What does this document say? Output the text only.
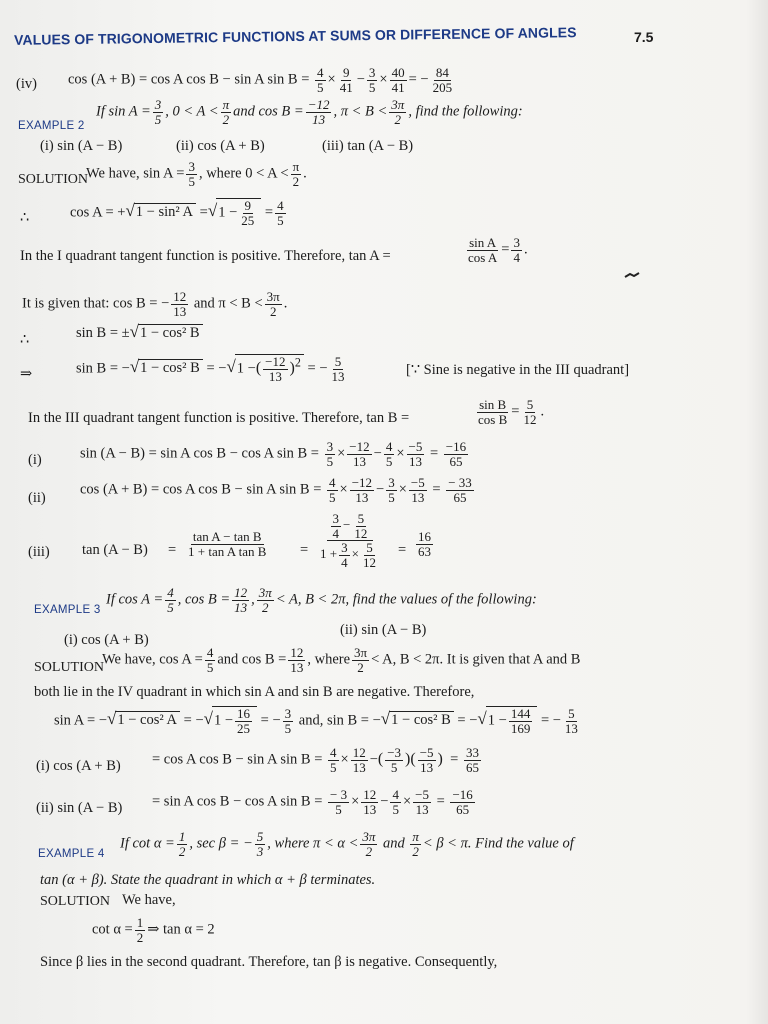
VALUES OF TRIGONOMETRIC FUNCTIONS AT SUMS OR DIFFERENCE OF ANGLES	7.5
(iv) cos (A + B) = cos A cos B − sin A $\sin B = \frac{4}{5} \times \frac{9}{41} - \frac{3}{5} \times \frac{40}{41}$ = − $\frac{84}{205}$
EXAMPLE 2
If $\sin A = \frac{3}{5}$ , $0 < A < \frac{\pi}{2}$ and $\cos B = \frac{-12}{13}$ , $\pi < B < \frac{3\pi}{2}$ , find the following:
(i) sin (A − B)	(ii) cos (A + B)	(iii) tan (A − B)
SOLUTION
We have, $\sin A = \frac{3}{5}$ , where $0 < A < \frac{\pi}{2}$ .
∴	cos A = +√1 − sin² $A =√1 - \frac{9}{25} = \frac{4}{5}$
In the I quadrant tangent function is positive. Therefore, tan A =	$\frac{\text{sin A}}{\text{cos A}} = \frac{3}{4}$ .
It is given that: cos B = − $\frac{12}{13}$ and $\pi < B < \frac{3\pi}{2}$ .
∴	sin B = ±√1 − cos² B
⇒	sin B = −√1 − cos² B = −√1 −( $\frac{-12}{13} )^2$ = − $\frac{5}{13}$	[∵ Sine is negative in the III quadrant]
In the III quadrant tangent function is positive. Therefore, tan B =	$\frac{\text{sin B}}{\text{cos B}} = \frac{5}{12}$ .
(i)	sin (A − B) = sin A cos B − cos A $\sin B = \frac{3}{5} \times \frac{-12}{13} - \frac{4}{5} \times \frac{-5}{13} = \frac{-16}{65}$
(ii)
cos (A + B) = cos A cos B − sin A $\sin B = \frac{4}{5} \times \frac{-12}{13} - \frac{3}{5} \times \frac{-5}{13} = \frac{- 33}{65}$
(iii) $\tan (A - B) = \frac{\text{tan A − tan B}}{\text{1 + tan A tan B}} = \frac{\frac{3}{4} - \frac{5}{12}}{1 + \frac{3}{4} \times \frac{5}{12}} = \frac{16}{63}$
EXAMPLE 3
If $\cos A = \frac{4}{5}$ , $\cos B = \frac{12}{13}$ , $\frac{3\pi}{2} < A$, B < 2π, find the values of the following:
(i) cos (A + B)
(ii) sin (A − B)
SOLUTION
We have, $\cos A = \frac{4}{5}$ and $\cos B = \frac{12}{13}$ , where $\frac{3\pi}{2} < A$, B < 2π. It is given that A and B
both lie in the IV quadrant in which sin A and sin B are negative. Therefore,
sin A = −√1 − cos² $A = -√1 - \frac{16}{25}$ = − $\frac{3}{5}$ and, sin B = −√1 − cos² $B = -√1 - \frac{144}{169}$ = − $\frac{5}{13}$
(i) cos (A + B) = cos A cos B − sin A $\sin B = \frac{4}{5} \times \frac{12}{13}$ −( $\frac{-3}{5}$ )( $\frac{-5}{13}$ )  = $\frac{33}{65}$
(ii) sin (A − B) = sin A cos B − cos A $\sin B = \frac{- 3}{5} \times \frac{12}{13} - \frac{4}{5} \times \frac{-5}{13} = \frac{-16}{65}$
EXAMPLE 4
If $\cot \alpha = \frac{1}{2}$ , sec β = − $\frac{5}{3}$ , where $\pi < \alpha < \frac{3\pi}{2}$ and $\frac{\pi}{2} < \beta < \pi$. Find the value of
tan (α + β). State the quadrant in which α + β terminates.
SOLUTION We have,
$\cot \alpha = \frac{1}{2}$ ⇒ tan α = 2
Since β lies in the second quadrant. Therefore, tan β is negative. Consequently,
